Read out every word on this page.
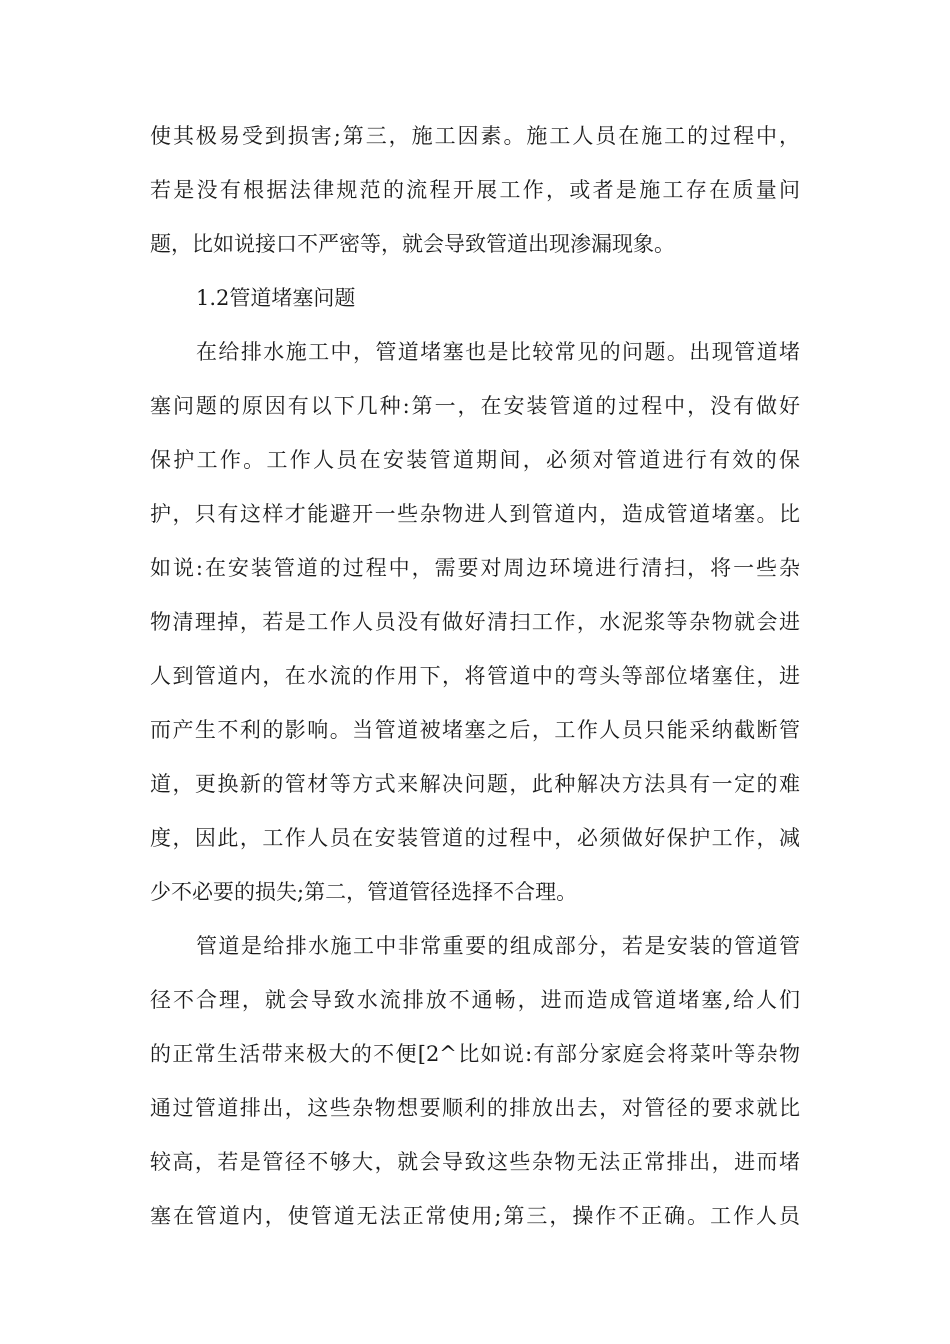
使其极易受到损害;第三，施工因素。施工人员在施工的过程中，
若是没有根据法律规范的流程开展工作，或者是施工存在质量问
题，比如说接口不严密等，就会导致管道出现渗漏现象。
1.2管道堵塞问题
在给排水施工中，管道堵塞也是比较常见的问题。出现管道堵
塞问题的原因有以下几种:第一，在安装管道的过程中，没有做好
保护工作。工作人员在安装管道期间，必须对管道进行有效的保
护，只有这样才能避开一些杂物进人到管道内，造成管道堵塞。比
如说:在安装管道的过程中，需要对周边环境进行清扫，将一些杂
物清理掉，若是工作人员没有做好清扫工作，水泥浆等杂物就会进
人到管道内，在水流的作用下，将管道中的弯头等部位堵塞住，进
而产生不利的影响。当管道被堵塞之后，工作人员只能采纳截断管
道，更换新的管材等方式来解决问题，此种解决方法具有一定的难
度，因此，工作人员在安装管道的过程中，必须做好保护工作，减
少不必要的损失;第二，管道管径选择不合理。
管道是给排水施工中非常重要的组成部分，若是安装的管道管
径不合理，就会导致水流排放不通畅，进而造成管道堵塞,给人们
的正常生活带来极大的不便[2^比如说:有部分家庭会将菜叶等杂物
通过管道排出，这些杂物想要顺利的排放出去，对管径的要求就比
较高，若是管径不够大，就会导致这些杂物无法正常排出，进而堵
塞在管道内，使管道无法正常使用;第三，操作不正确。工作人员
